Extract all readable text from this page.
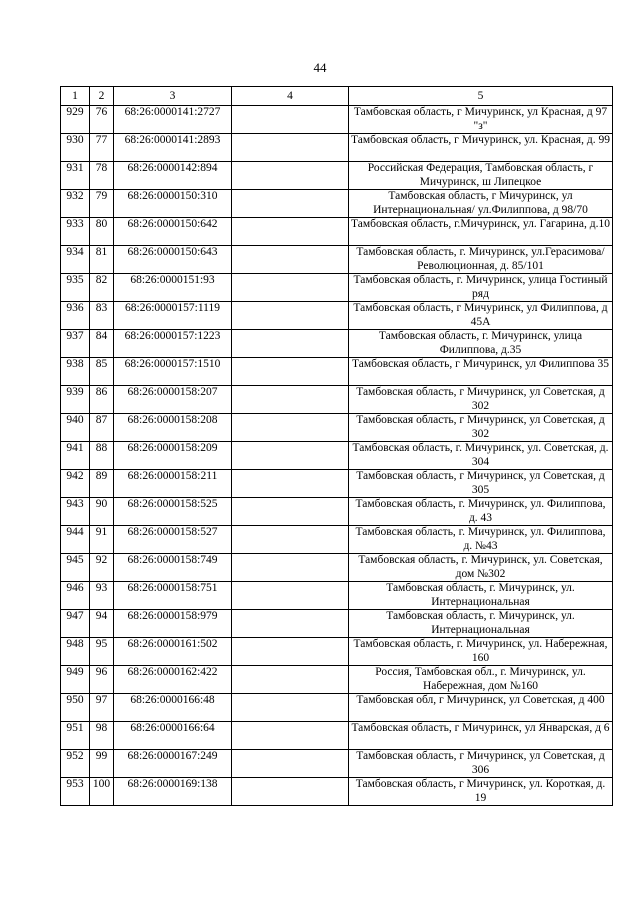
44
1	2	3	4	5
929	76	68:26:0000141:2727		Тамбовская область, г Мичуринск, ул Красная, д 97 "з"
930	77	68:26:0000141:2893		Тамбовская область, г Мичуринск, ул. Красная, д. 99
931	78	68:26:0000142:894		Российская Федерация, Тамбовская область, г Мичуринск, ш Липецкое
932	79	68:26:0000150:310		Тамбовская область, г Мичуринск, ул Интернациональная/ ул.Филиппова, д 98/70
933	80	68:26:0000150:642		Тамбовская область, г.Мичуринск, ул. Гагарина, д.10
934	81	68:26:0000150:643		Тамбовская область, г. Мичуринск, ул.Герасимова/Революционная, д. 85/101
935	82	68:26:0000151:93		Тамбовская область, г. Мичуринск, улица Гостиный ряд
936	83	68:26:0000157:1119		Тамбовская область, г Мичуринск, ул Филиппова, д 45А
937	84	68:26:0000157:1223		Тамбовская область, г. Мичуринск, улица Филиппова, д.35
938	85	68:26:0000157:1510		Тамбовская область, г Мичуринск, ул Филиппова 35
939	86	68:26:0000158:207		Тамбовская область, г Мичуринск, ул Советская, д 302
940	87	68:26:0000158:208		Тамбовская область, г Мичуринск, ул Советская, д 302
941	88	68:26:0000158:209		Тамбовская область, г. Мичуринск, ул. Советская, д. 304
942	89	68:26:0000158:211		Тамбовская область, г Мичуринск, ул Советская, д 305
943	90	68:26:0000158:525		Тамбовская область, г. Мичуринск, ул. Филиппова, д. 43
944	91	68:26:0000158:527		Тамбовская область, г. Мичуринск, ул. Филиппова, д. №43
945	92	68:26:0000158:749		Тамбовская область, г. Мичуринск, ул. Советская, дом №302
946	93	68:26:0000158:751		Тамбовская область, г. Мичуринск, ул. Интернациональная
947	94	68:26:0000158:979		Тамбовская область, г. Мичуринск, ул. Интернациональная
948	95	68:26:0000161:502		Тамбовская область, г. Мичуринск, ул. Набережная, 160
949	96	68:26:0000162:422		Россия, Тамбовская обл., г. Мичуринск, ул. Набережная, дом №160
950	97	68:26:0000166:48		Тамбовская обл, г Мичуринск, ул Советская, д 400
951	98	68:26:0000166:64		Тамбовская область, г Мичуринск, ул Январская, д 6
952	99	68:26:0000167:249		Тамбовская область, г Мичуринск, ул Советская, д 306
953	100	68:26:0000169:138		Тамбовская область, г Мичуринск, ул. Короткая, д. 19
